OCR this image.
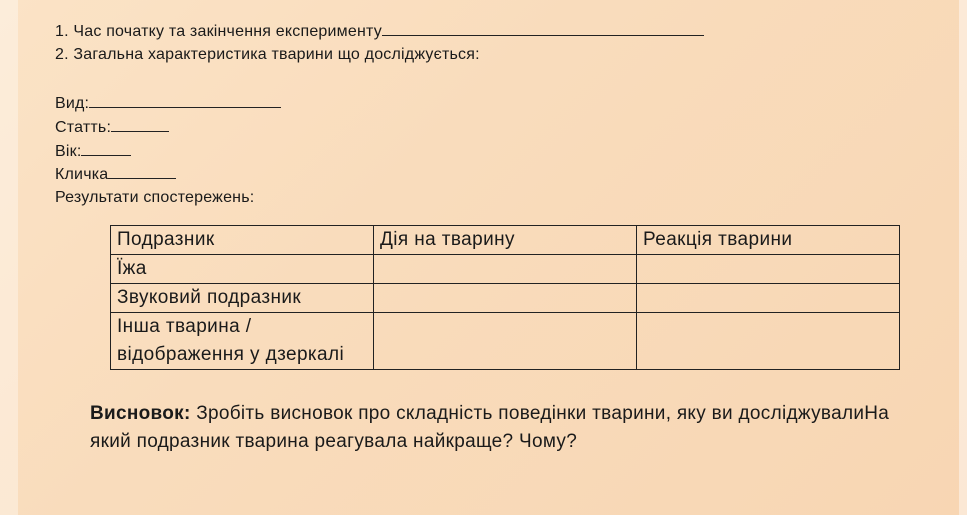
1. Час початку та закінчення експерименту
2. Загальна характеристика тварини що досліджується:
Вид:
Статть:
Вік:
Кличка
Результати спостережень:
Подразник	Дія на тварину	Реакція тварини
Їжа		
Звуковий подразник		
Інша тварина / відображення у дзеркалі		
Висновок: Зробіть висновок про складність поведінки тварини, яку ви досліджувалиНа який подразник тварина реагувала найкраще? Чому?
